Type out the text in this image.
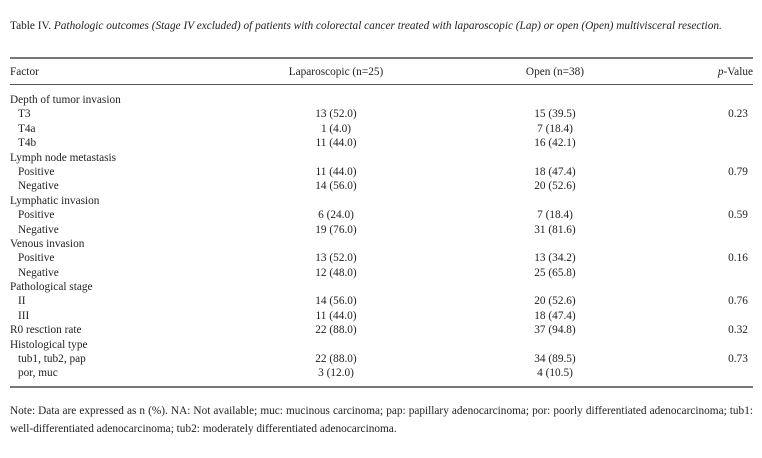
Table IV. Pathologic outcomes (Stage IV excluded) of patients with colorectal cancer treated with laparoscopic (Lap) or open (Open) multivisceral resection.
Factor	Laparoscopic (n=25)	Open (n=38)	p-Value
Depth of tumor invasion
T3	13 (52.0)	15 (39.5)	0.23
T4a	1 (4.0)	7 (18.4)
T4b	11 (44.0)	16 (42.1)
Lymph node metastasis
Positive	11 (44.0)	18 (47.4)	0.79
Negative	14 (56.0)	20 (52.6)
Lymphatic invasion
Positive	6 (24.0)	7 (18.4)	0.59
Negative	19 (76.0)	31 (81.6)
Venous invasion
Positive	13 (52.0)	13 (34.2)	0.16
Negative	12 (48.0)	25 (65.8)
Pathological stage
II	14 (56.0)	20 (52.6)	0.76
III	11 (44.0)	18 (47.4)
R0 resction rate	22 (88.0)	37 (94.8)	0.32
Histological type
tub1, tub2, pap	22 (88.0)	34 (89.5)	0.73
por, muc	3 (12.0)	4 (10.5)
Note: Data are expressed as n (%). NA: Not available; muc: mucinous carcinoma; pap: papillary adenocarcinoma; por: poorly differentiated adenocarcinoma; tub1: well-differentiated adenocarcinoma; tub2: moderately differentiated adenocarcinoma.
